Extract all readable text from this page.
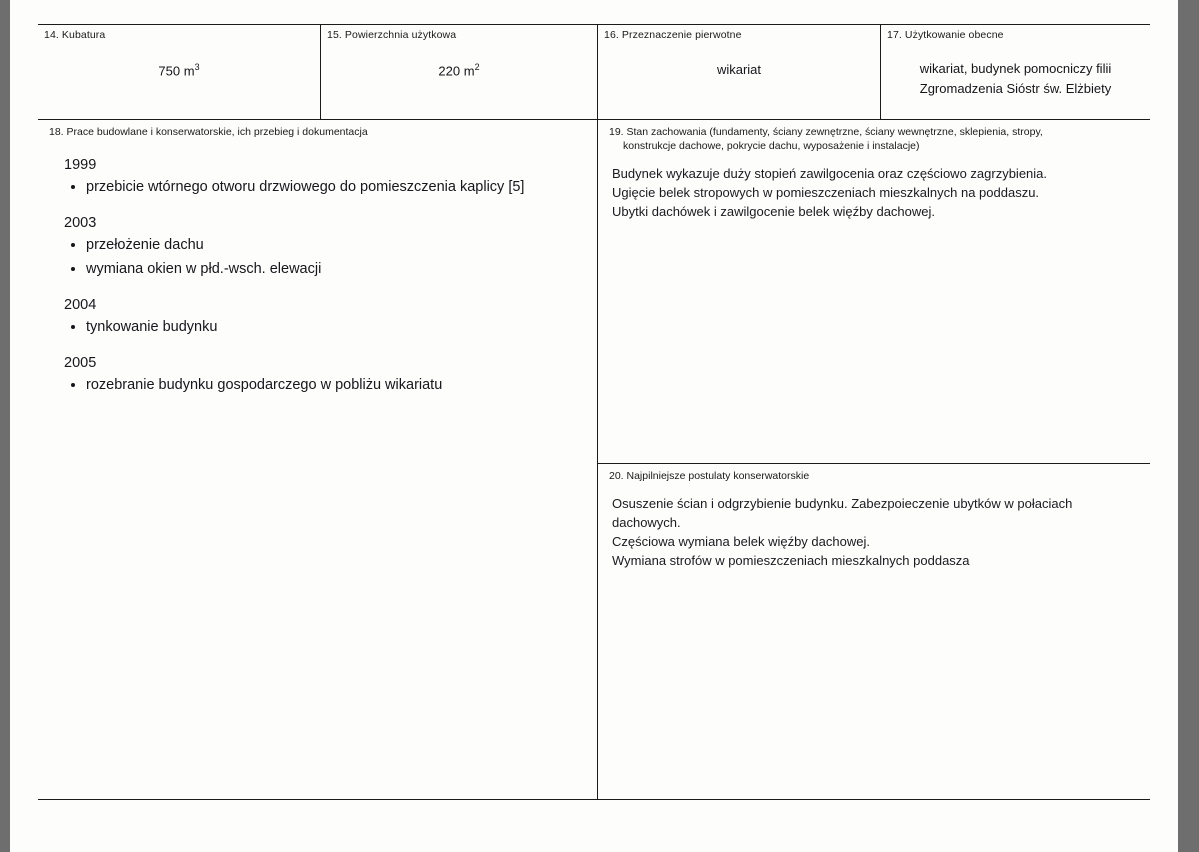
14. Kubatura
750 $m^3$
15. Powierzchnia użytkowa
220 $m^2$
16. Przeznaczenie pierwotne
wikariat
17. Użytkowanie obecne
wikariat, budynek pomocniczy filii Zgromadzenia Sióstr św. Elżbiety
18. Prace budowlane i konserwatorskie, ich przebieg i dokumentacja
1999
• przebicie wtórnego otworu drzwiowego do pomieszczenia kaplicy [5]
2003
• przełożenie dachu
• wymiana okien w płd.-wsch. elewacji
2004
• tynkowanie budynku
2005
• rozebranie budynku gospodarczego w pobliżu wikariatu
19. Stan zachowania (fundamenty, ściany zewnętrzne, ściany wewnętrzne, sklepienia, stropy,
konstrukcje dachowe, pokrycie dachu, wyposażenie i instalacje)

Budynek wykazuje duży stopień zawilgocenia oraz częściowo zagrzybienia.

Ugięcie belek stropowych w pomieszczeniach mieszkalnych na poddaszu.

Ubytki dachówek i zawilgocenie belek więźby dachowej.

20. Najpilniejsze postulaty konserwatorskie

Osuszenie ścian i odgrzybienie budynku. Zabezpoieczenie ubytków w połaciach dachowych.

Częściowa wymiana belek więźby dachowej.

Wymiana strofów w pomieszczeniach mieszkalnych poddasza
